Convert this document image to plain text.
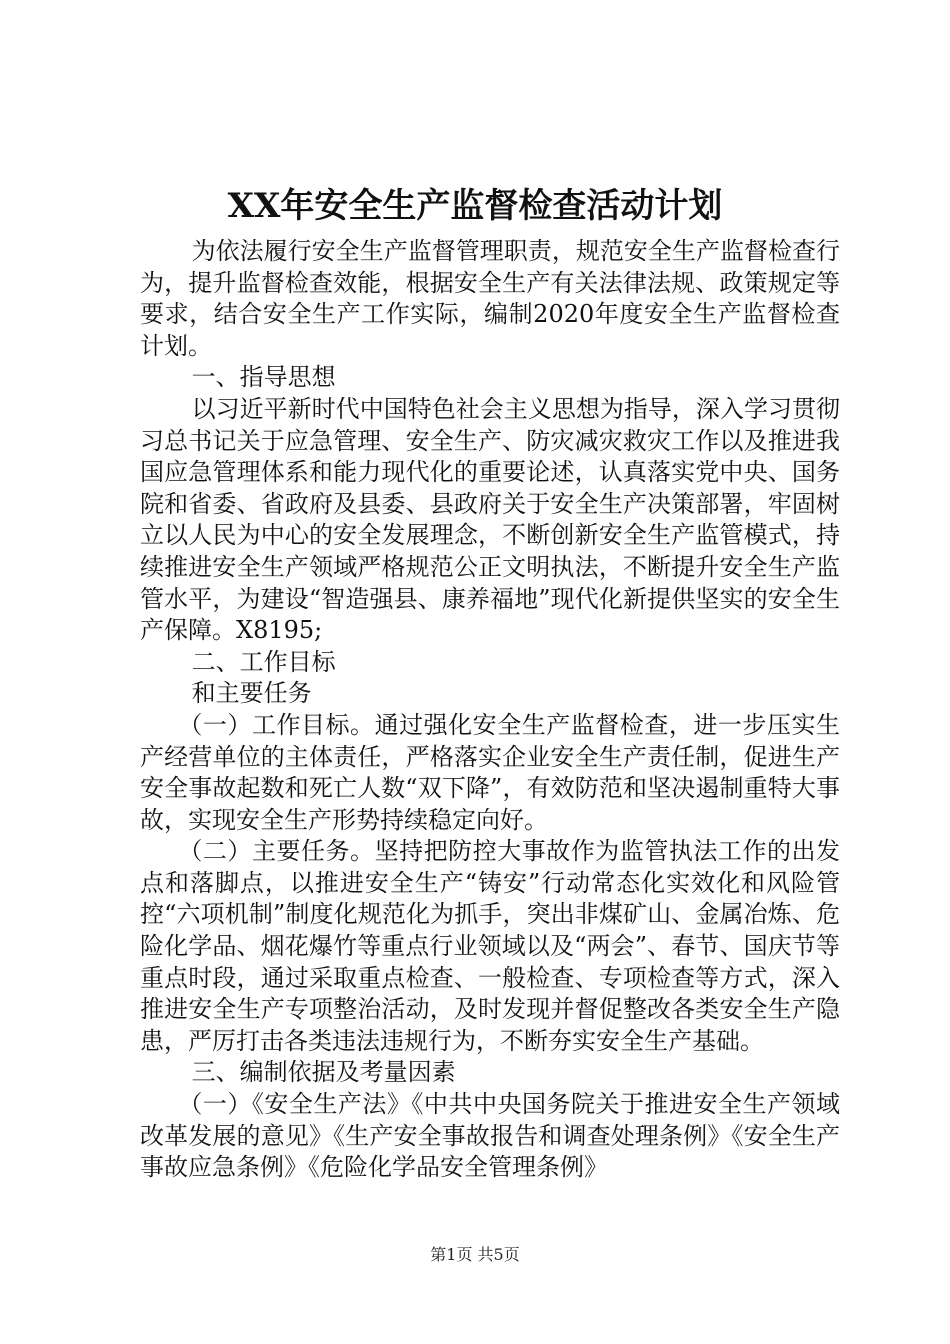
XX年安全生产监督检查活动计划

为依法履行安全生产监督管理职责，规范安全生产监督检查行为，提升监督检查效能，根据安全生产有关法律法规、政策规定等要求，结合安全生产工作实际，编制2020年度安全生产监督检查计划。

一、指导思想

以习近平新时代中国特色社会主义思想为指导，深入学习贯彻习总书记关于应急管理、安全生产、防灾减灾救灾工作以及推进我国应急管理体系和能力现代化的重要论述，认真落实党中央、国务院和省委、省政府及县委、县政府关于安全生产决策部署，牢固树立以人民为中心的安全发展理念，不断创新安全生产监管模式，持续推进安全生产领域严格规范公正文明执法，不断提升安全生产监管水平，为建设“智造强县、康养福地”现代化新提供坚实的安全生产保障。X8195;

二、工作目标

和主要任务

（一）工作目标。通过强化安全生产监督检查，进一步压实生产经营单位的主体责任，严格落实企业安全生产责任制，促进生产安全事故起数和死亡人数“双下降”，有效防范和坚决遏制重特大事故，实现安全生产形势持续稳定向好。

（二）主要任务。坚持把防控大事故作为监管执法工作的出发点和落脚点，以推进安全生产“铸安”行动常态化实效化和风险管控“六项机制”制度化规范化为抓手，突出非煤矿山、金属冶炼、危险化学品、烟花爆竹等重点行业领域以及“两会”、春节、国庆节等重点时段，通过采取重点检查、一般检查、专项检查等方式，深入推进安全生产专项整治活动，及时发现并督促整改各类安全生产隐患，严厉打击各类违法违规行为，不断夯实安全生产基础。

三、编制依据及考量因素

（一）《安全生产法》《中共中央国务院关于推进安全生产领域改革发展的意见》《生产安全事故报告和调查处理条例》《安全生产事故应急条例》《危险化学品安全管理条例》

第1页 共5页
